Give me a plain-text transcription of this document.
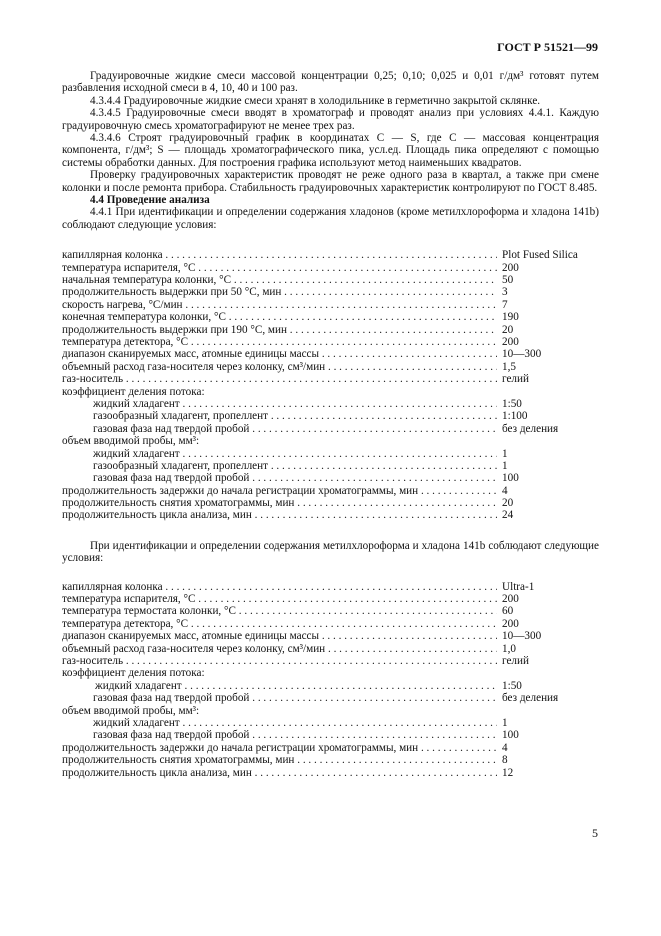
ГОСТ Р 51521—99

Градуировочные жидкие смеси массовой концентрации 0,25; 0,10; 0,025 и 0,01 г/дм³ готовят путем разбавления исходной смеси в 4, 10, 40 и 100 раз.

4.3.4.4 Градуировочные жидкие смеси хранят в холодильнике в герметично закрытой склянке.

4.3.4.5 Градуировочные смеси вводят в хроматограф и проводят анализ при условиях 4.4.1. Каждую градуировочную смесь хроматографируют не менее трех раз.

4.3.4.6 Строят градуировочный график в координатах C — S, где C — массовая концентрация компонента, г/дм³; S — площадь хроматографического пика, усл.ед. Площадь пика определяют с помощью системы обработки данных. Для построения графика используют метод наименьших квадратов.

Проверку градуировочных характеристик проводят не реже одного раза в квартал, а также при смене колонки и после ремонта прибора. Стабильность градуировочных характеристик контролируют по ГОСТ 8.485.

4.4 Проведение анализа

4.4.1 При идентификации и определении содержания хладонов (кроме метилхлороформа и хладона 141b) соблюдают следующие условия:

капиллярная колонка . . .	Plot Fused Silica
температура испарителя, °С . . .	200
начальная температура колонки, °С . . .	50
продолжительность выдержки при 50 °С, мин . . .	3
скорость нагрева, °С/мин . . .	7
конечная температура колонки, °С . . .	190
продолжительность выдержки при 190 °С, мин . . .	20
температура детектора, °С . . .	200
диапазон сканируемых масс, атомные единицы массы . . .	10—300
объемный расход газа-носителя через колонку, см³/мин . . .	1,5
газ-носитель . . .	гелий
коэффициент деления потока:
жидкий хладагент . . .	1:50
газообразный хладагент, пропеллент . . .	1:100
газовая фаза над твердой пробой . . .	без деления
объем вводимой пробы, мм³:
жидкий хладагент . . .	1
газообразный хладагент, пропеллент . . .	1
газовая фаза над твердой пробой . . .	100
продолжительность задержки до начала регистрации хроматограммы, мин . . .	4
продолжительность снятия хроматограммы, мин . . .	20
продолжительность цикла анализа, мин . . .	24

При идентификации и определении содержания метилхлороформа и хладона 141b соблюдают следующие условия:

капиллярная колонка . . .	Ultra-1
температура испарителя, °С . . .	200
температура термостата колонки, °С . . .	60
температура детектора, °С . . .	200
диапазон сканируемых масс, атомные единицы массы . . .	10—300
объемный расход газа-носителя через колонку, см³/мин . . .	1,0
газ-носитель . . .	гелий
коэффициент деления потока:
жидкий хладагент . . .	1:50
газовая фаза над твердой пробой . . .	без деления
объем вводимой пробы, мм³:
жидкий хладагент . . .	1
газовая фаза над твердой пробой . . .	100
продолжительность задержки до начала регистрации хроматограммы, мин . . .	4
продолжительность снятия хроматограммы, мин . . .	8
продолжительность цикла анализа, мин . . .	12
5
